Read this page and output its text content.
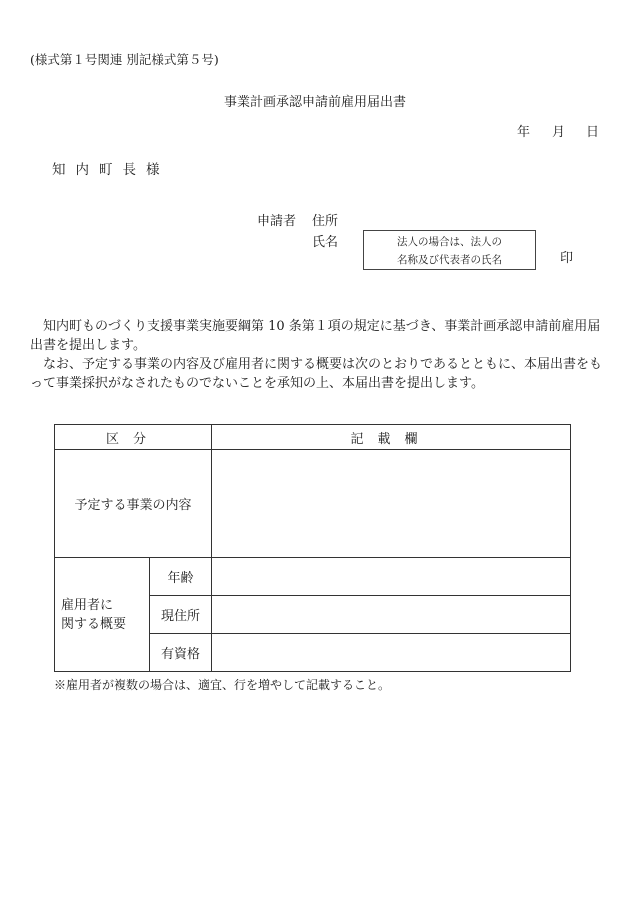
(様式第１号関連 別記様式第５号)
事業計画承認申請前雇用届出書
年 月 日
知内町長様
申請者 住所
氏名	法人の場合は、法人の
名称及び代表者の氏名	印

知内町ものづくり支援事業実施要綱第 10 条第１項の規定に基づき、事業計画承認申請前雇用届出書を提出します。

なお、予定する事業の内容及び雇用者に関する概要は次のとおりであるとともに、本届出書をもって事業採択がなされたものでないことを承知の上、本届出書を提出します。

区分		記載欄
予定する事業の内容		

雇用者に
関する概要	年齢	
	現住所	
	有資格	
※雇用者が複数の場合は、適宜、行を増やして記載すること。
